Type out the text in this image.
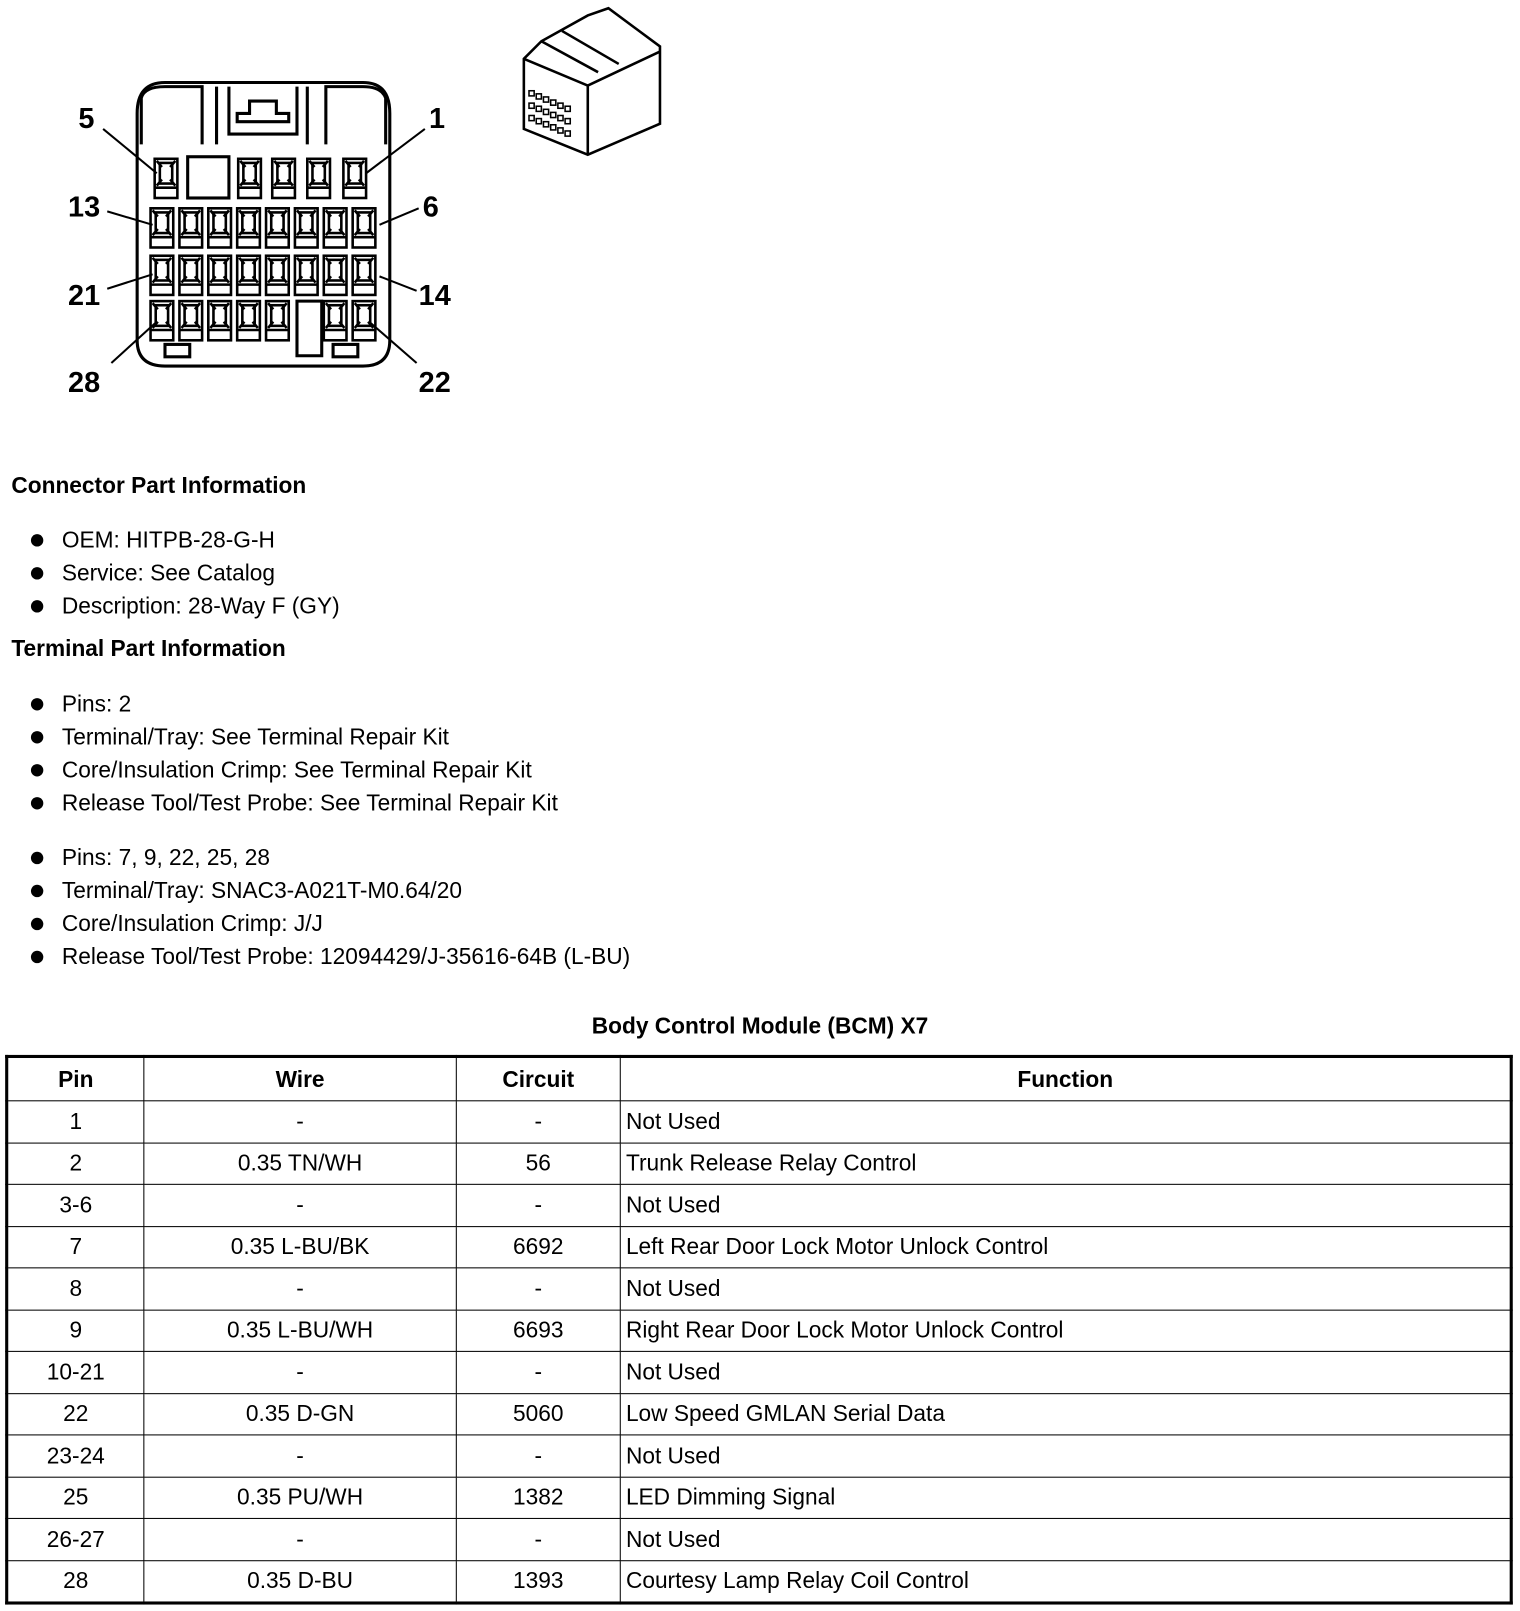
5	1
13	6
21	14
28	22
Connector Part Information
OEM: HITPB-28-G-H
Service: See Catalog
Description: 28-Way F (GY)
Terminal Part Information
Pins: 2
Terminal/Tray: See Terminal Repair Kit
Core/Insulation Crimp: See Terminal Repair Kit
Release Tool/Test Probe: See Terminal Repair Kit
Pins: 7, 9, 22, 25, 28
Terminal/Tray: SNAC3-A021T-M0.64/20
Core/Insulation Crimp: J/J
Release Tool/Test Probe: 12094429/J-35616-64B (L-BU)
Body Control Module (BCM) X7
Pin	Wire	Circuit	Function
1	-	-	Not Used
2	0.35 TN/WH	56	Trunk Release Relay Control
3-6	-	-	Not Used
7	0.35 L-BU/BK	6692	Left Rear Door Lock Motor Unlock Control
8	-	-	Not Used
9	0.35 L-BU/WH	6693	Right Rear Door Lock Motor Unlock Control
10-21	-	-	Not Used
22	0.35 D-GN	5060	Low Speed GMLAN Serial Data
23-24	-	-	Not Used
25	0.35 PU/WH	1382	LED Dimming Signal
26-27	-	-	Not Used
28	0.35 D-BU	1393	Courtesy Lamp Relay Coil Control
